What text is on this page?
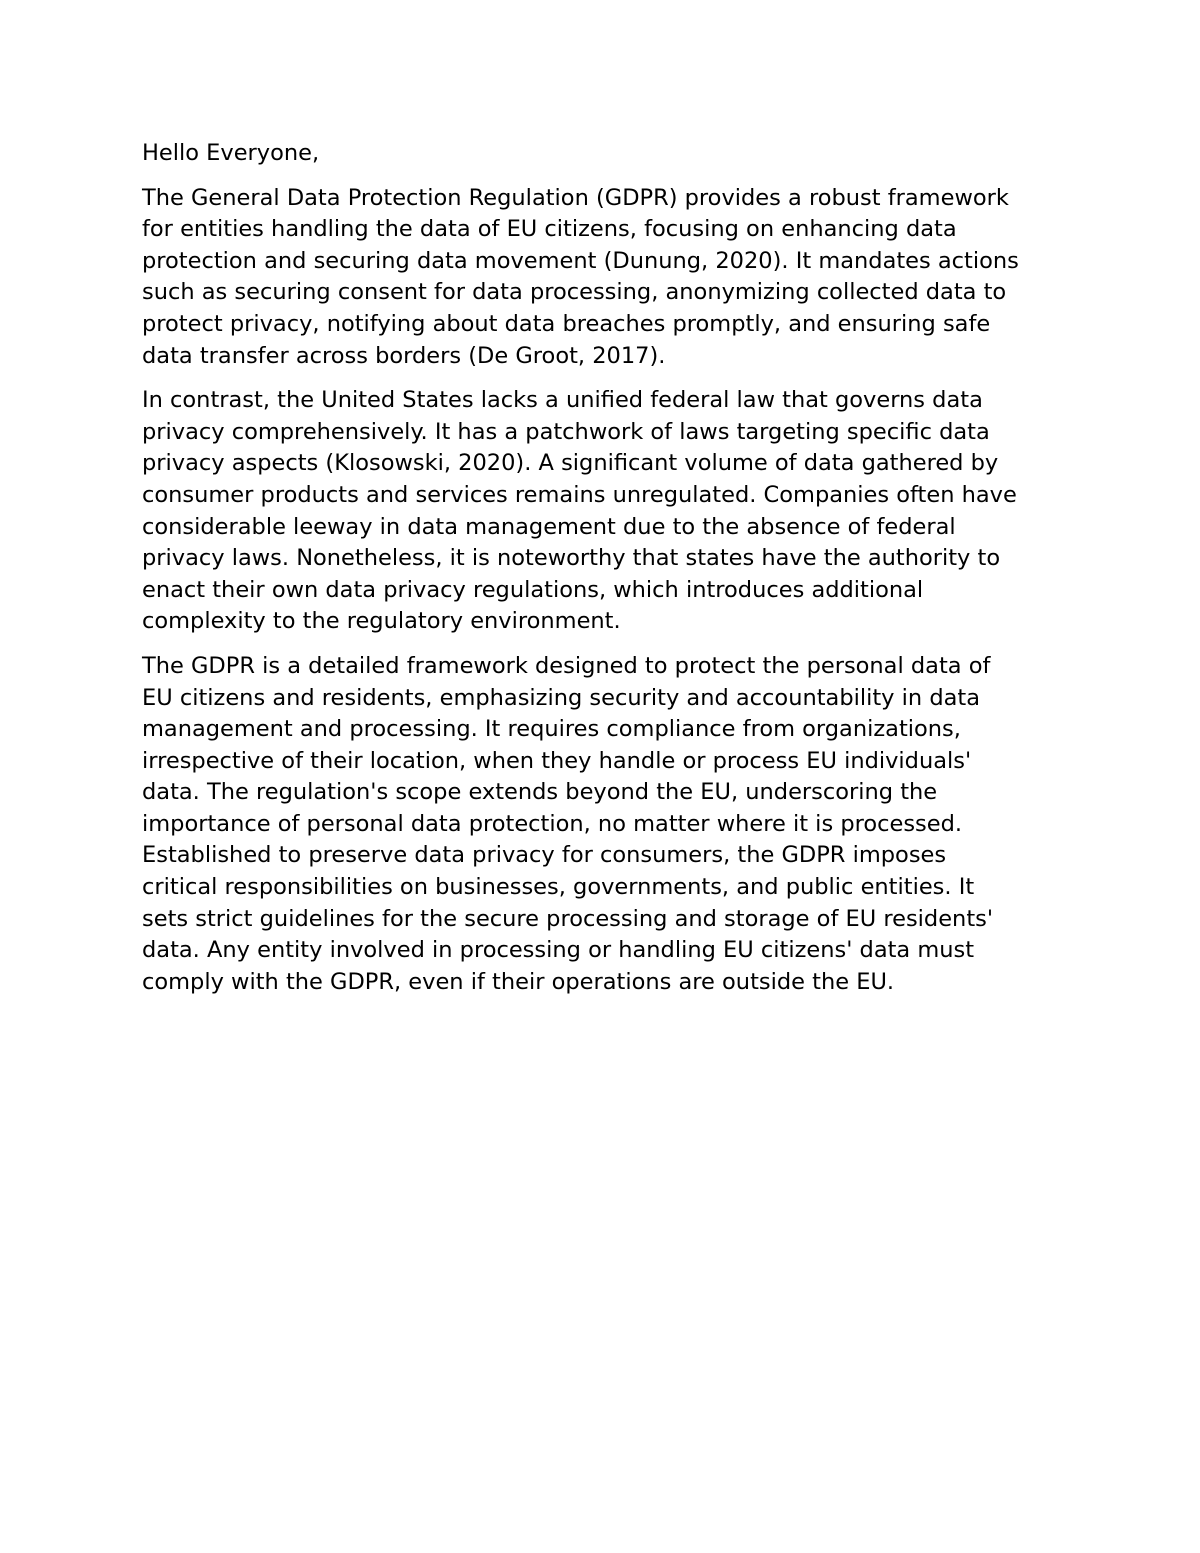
Hello Everyone,

The General Data Protection Regulation (GDPR) provides a robust framework
for entities handling the data of EU citizens, focusing on enhancing data
protection and securing data movement (Dunung, 2020). It mandates actions
such as securing consent for data processing, anonymizing collected data to
protect privacy, notifying about data breaches promptly, and ensuring safe
data transfer across borders (De Groot, 2017).

In contrast, the United States lacks a unified federal law that governs data
privacy comprehensively. It has a patchwork of laws targeting specific data
privacy aspects (Klosowski, 2020). A significant volume of data gathered by
consumer products and services remains unregulated. Companies often have
considerable leeway in data management due to the absence of federal
privacy laws. Nonetheless, it is noteworthy that states have the authority to
enact their own data privacy regulations, which introduces additional
complexity to the regulatory environment.

The GDPR is a detailed framework designed to protect the personal data of
EU citizens and residents, emphasizing security and accountability in data
management and processing. It requires compliance from organizations,
irrespective of their location, when they handle or process EU individuals'
data. The regulation's scope extends beyond the EU, underscoring the
importance of personal data protection, no matter where it is processed.
Established to preserve data privacy for consumers, the GDPR imposes
critical responsibilities on businesses, governments, and public entities. It
sets strict guidelines for the secure processing and storage of EU residents'
data. Any entity involved in processing or handling EU citizens' data must
comply with the GDPR, even if their operations are outside the EU.
